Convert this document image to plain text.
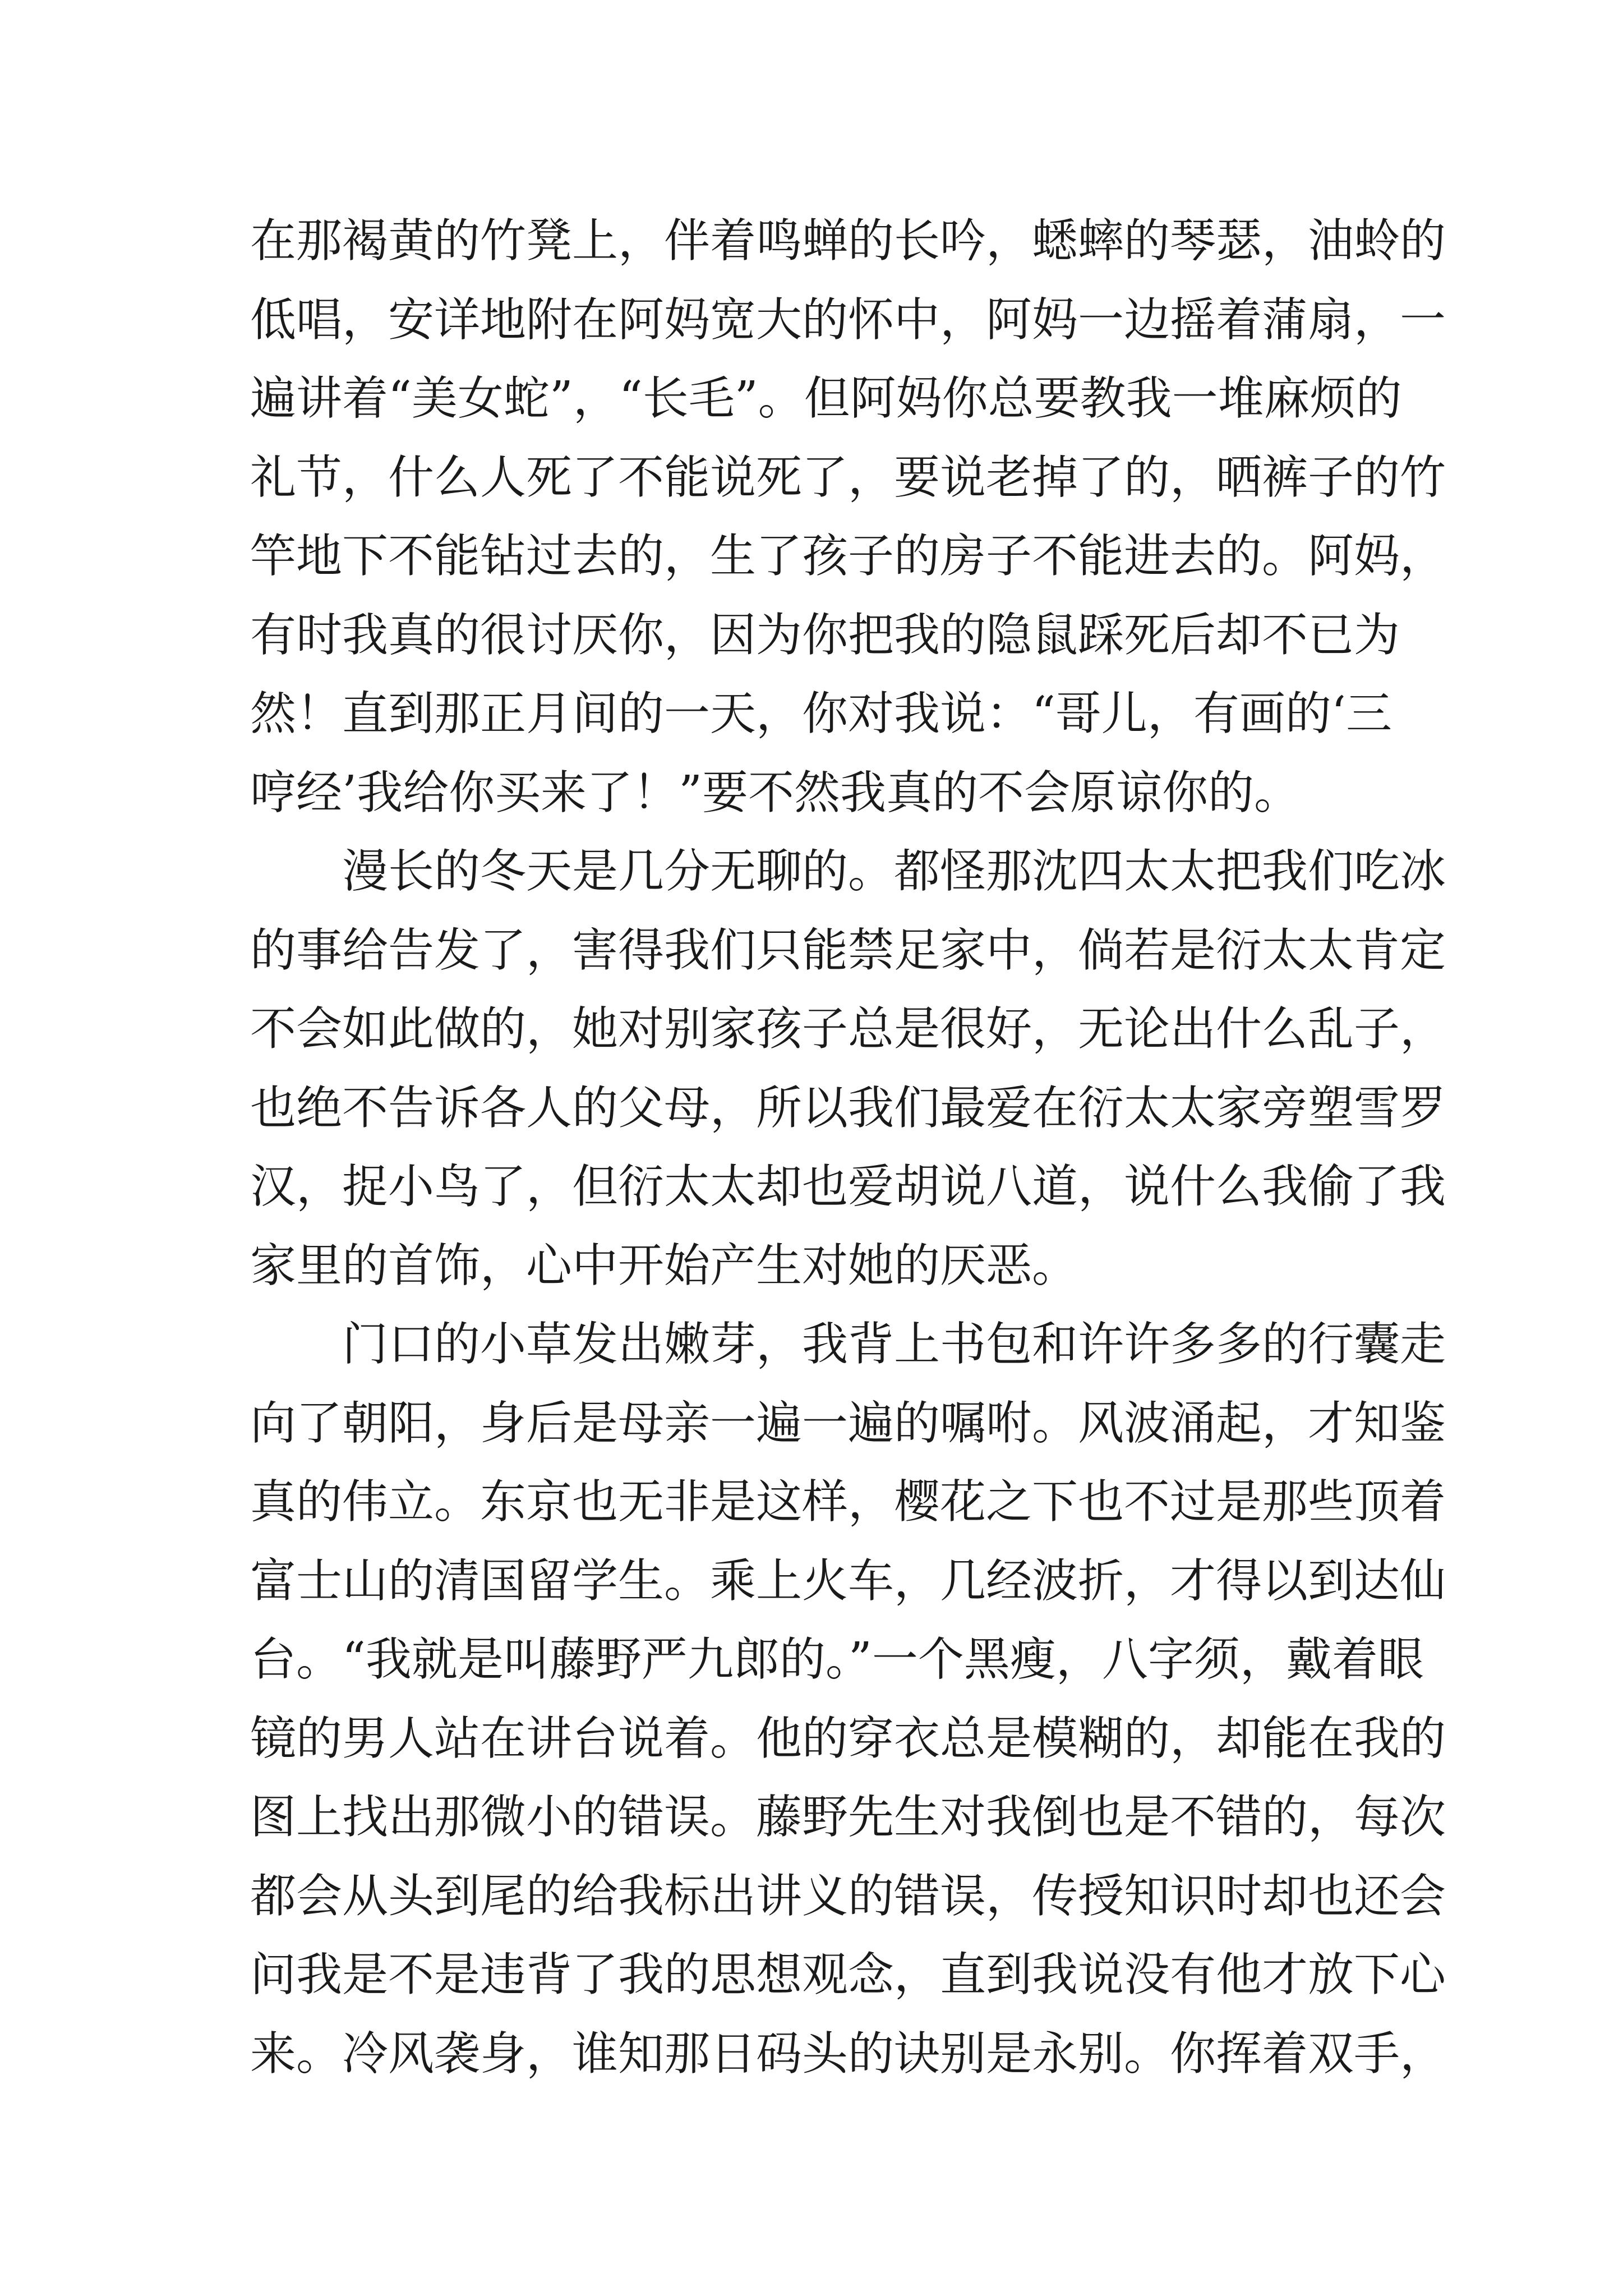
在那褐黄的竹凳上，伴着鸣蝉的长吟，蟋蟀的琴瑟，油蛉的
低唱，安详地附在阿妈宽大的怀中，阿妈一边摇着蒲扇，一
遍讲着“美女蛇”，“长毛”。但阿妈你总要教我一堆麻烦的
礼节，什么人死了不能说死了，要说老掉了的，晒裤子的竹
竿地下不能钻过去的，生了孩子的房子不能进去的。阿妈，
有时我真的很讨厌你，因为你把我的隐鼠踩死后却不已为
然！直到那正月间的一天，你对我说：“哥儿，有画的‘三
哼经’我给你买来了！”要不然我真的不会原谅你的。
漫长的冬天是几分无聊的。都怪那沈四太太把我们吃冰
的事给告发了，害得我们只能禁足家中，倘若是衍太太肯定
不会如此做的，她对别家孩子总是很好，无论出什么乱子，
也绝不告诉各人的父母，所以我们最爱在衍太太家旁塑雪罗
汉，捉小鸟了，但衍太太却也爱胡说八道，说什么我偷了我
家里的首饰，心中开始产生对她的厌恶。
门口的小草发出嫩芽，我背上书包和许许多多的行囊走
向了朝阳，身后是母亲一遍一遍的嘱咐。风波涌起，才知鉴
真的伟立。东京也无非是这样，樱花之下也不过是那些顶着
富士山的清国留学生。乘上火车，几经波折，才得以到达仙
台。“我就是叫藤野严九郎的。”一个黑瘦，八字须，戴着眼
镜的男人站在讲台说着。他的穿衣总是模糊的，却能在我的
图上找出那微小的错误。藤野先生对我倒也是不错的，每次
都会从头到尾的给我标出讲义的错误，传授知识时却也还会
问我是不是违背了我的思想观念，直到我说没有他才放下心
来。冷风袭身，谁知那日码头的诀别是永别。你挥着双手，
